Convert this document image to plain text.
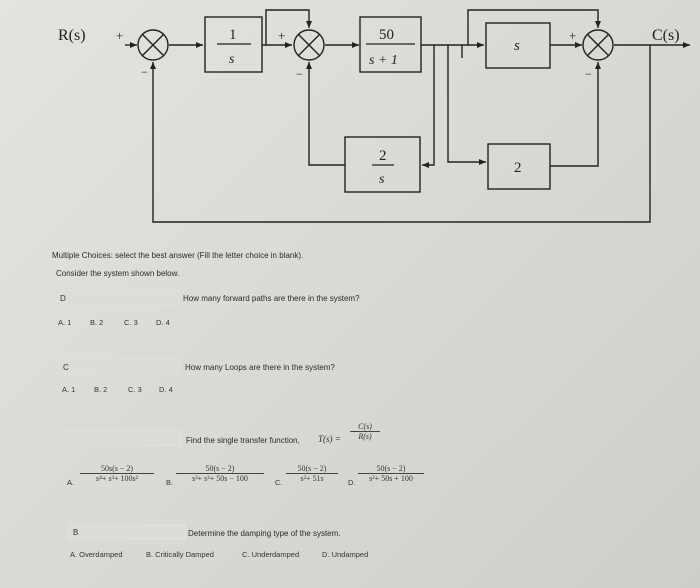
R(s) +
−
+
−
+
−
C(s)
1
s
50
s + 1
s
2
s
2
Multiple Choices: select the best answer (Fill the letter choice in blank).
Consider the system shown below.
D	How many forward paths are there in the system?
A. 1 B. 2	C. 3 D. 4
C	How many Loops are there in the system?
A. 1 B. 2	C. 3 D. 4
Find the single transfer function, $T(s) = \frac{C(s)}{R(s)}$
A. $\frac{50s(s - 2)}{\text{s⁴+ s³+ 100s²}} B$. $\frac{50(s - 2)}{\text{s³+ s²+ 50s − 100}} C$. $\frac{50(s - 2)}{\text{s²+ 51s}} D$. $\frac{50(s - 2)}{\text{s²+ 50s + 100}}$
B	Determine the damping type of the system.
A. Overdamped	B. Critically Damped	C. Underdamped	D. Undamped
